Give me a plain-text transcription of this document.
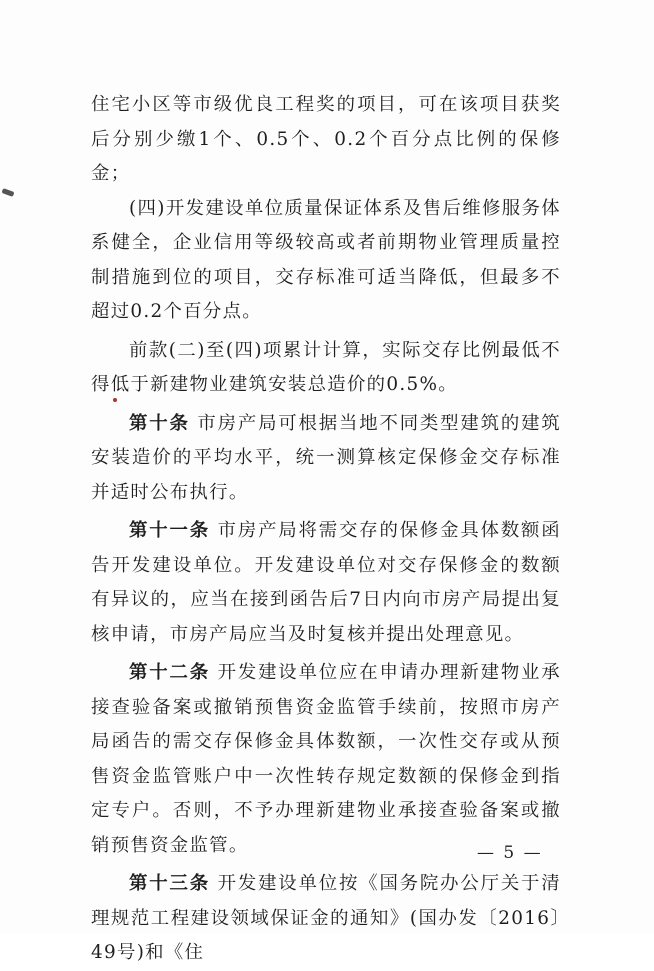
住宅小区等市级优良工程奖的项目，可在该项目获奖后分别少缴1个、0.5个、0.2个百分点比例的保修金；

(四)开发建设单位质量保证体系及售后维修服务体系健全，企业信用等级较高或者前期物业管理质量控制措施到位的项目，交存标准可适当降低，但最多不超过0.2个百分点。

前款(二)至(四)项累计计算，实际交存比例最低不得低于新建物业建筑安装总造价的0.5%。

第十条 市房产局可根据当地不同类型建筑的建筑安装造价的平均水平，统一测算核定保修金交存标准并适时公布执行。

第十一条 市房产局将需交存的保修金具体数额函告开发建设单位。开发建设单位对交存保修金的数额有异议的，应当在接到函告后7日内向市房产局提出复核申请，市房产局应当及时复核并提出处理意见。

第十二条 开发建设单位应在申请办理新建物业承接查验备案或撤销预售资金监管手续前，按照市房产局函告的需交存保修金具体数额，一次性交存或从预售资金监管账户中一次性转存规定数额的保修金到指定专户。否则，不予办理新建物业承接查验备案或撤销预售资金监管。

第十三条 开发建设单位按《国务院办公厅关于清理规范工程建设领域保证金的通知》(国办发〔2016〕49号)和《住

— 5 —
